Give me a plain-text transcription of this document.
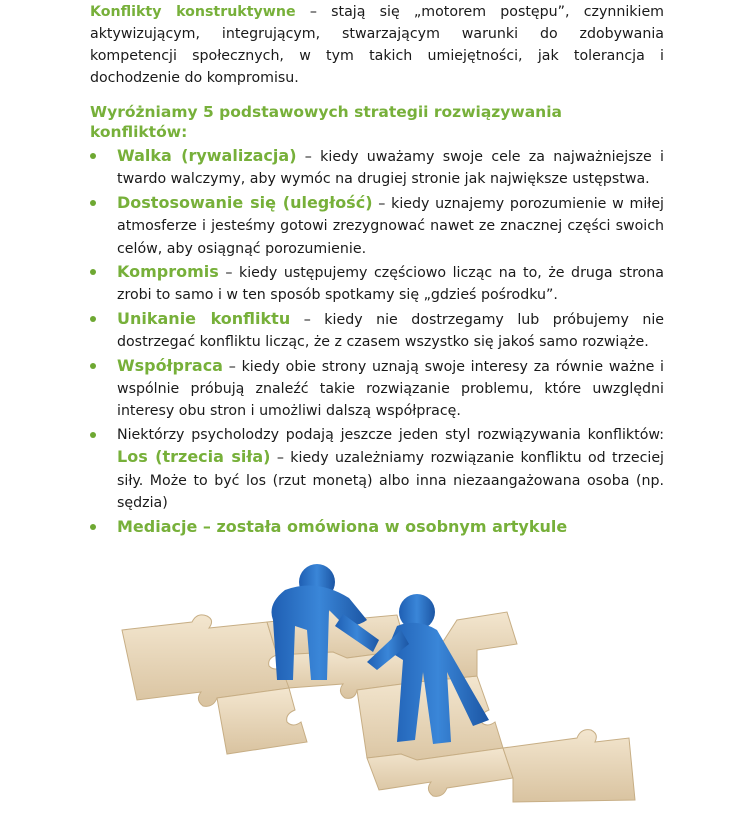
Konflikty konstruktywne – stają się „motorem postępu”, czynnikiem aktywizującym, integrującym, stwarzającym warunki do zdobywania kompetencji społecznych, w tym takich umiejętności, jak tolerancja i dochodzenie do kompromisu.

Wyróżniamy 5 podstawowych strategii rozwiązywania konfliktów:

Walka (rywalizacja) – kiedy uważamy swoje cele za najważniejsze i twardo walczymy, aby wymóc na drugiej stronie jak największe ustępstwa.
Dostosowanie się (uległość) – kiedy uznajemy porozumienie w miłej atmosferze i jesteśmy gotowi zrezygnować nawet ze znacznej części swoich celów, aby osiągnąć porozumienie.
Kompromis – kiedy ustępujemy częściowo licząc na to, że druga strona zrobi to samo i w ten sposób spotkamy się „gdzieś pośrodku”.
Unikanie konfliktu – kiedy nie dostrzegamy lub próbujemy nie dostrzegać konfliktu licząc, że z czasem wszystko się jakoś samo rozwiąże.
Współpraca – kiedy obie strony uznają swoje interesy za równie ważne i wspólnie próbują znaleźć takie rozwiązanie problemu, które uwzględni interesy obu stron i umożliwi dalszą współpracę.
Niektórzy psycholodzy podają jeszcze jeden styl rozwiązywania konfliktów: Los (trzecia siła) – kiedy uzależniamy rozwiązanie konfliktu od trzeciej siły. Może to być los (rzut monetą) albo inna niezaangażowana osoba (np. sędzia)
Mediacje – została omówiona w osobnym artykule
